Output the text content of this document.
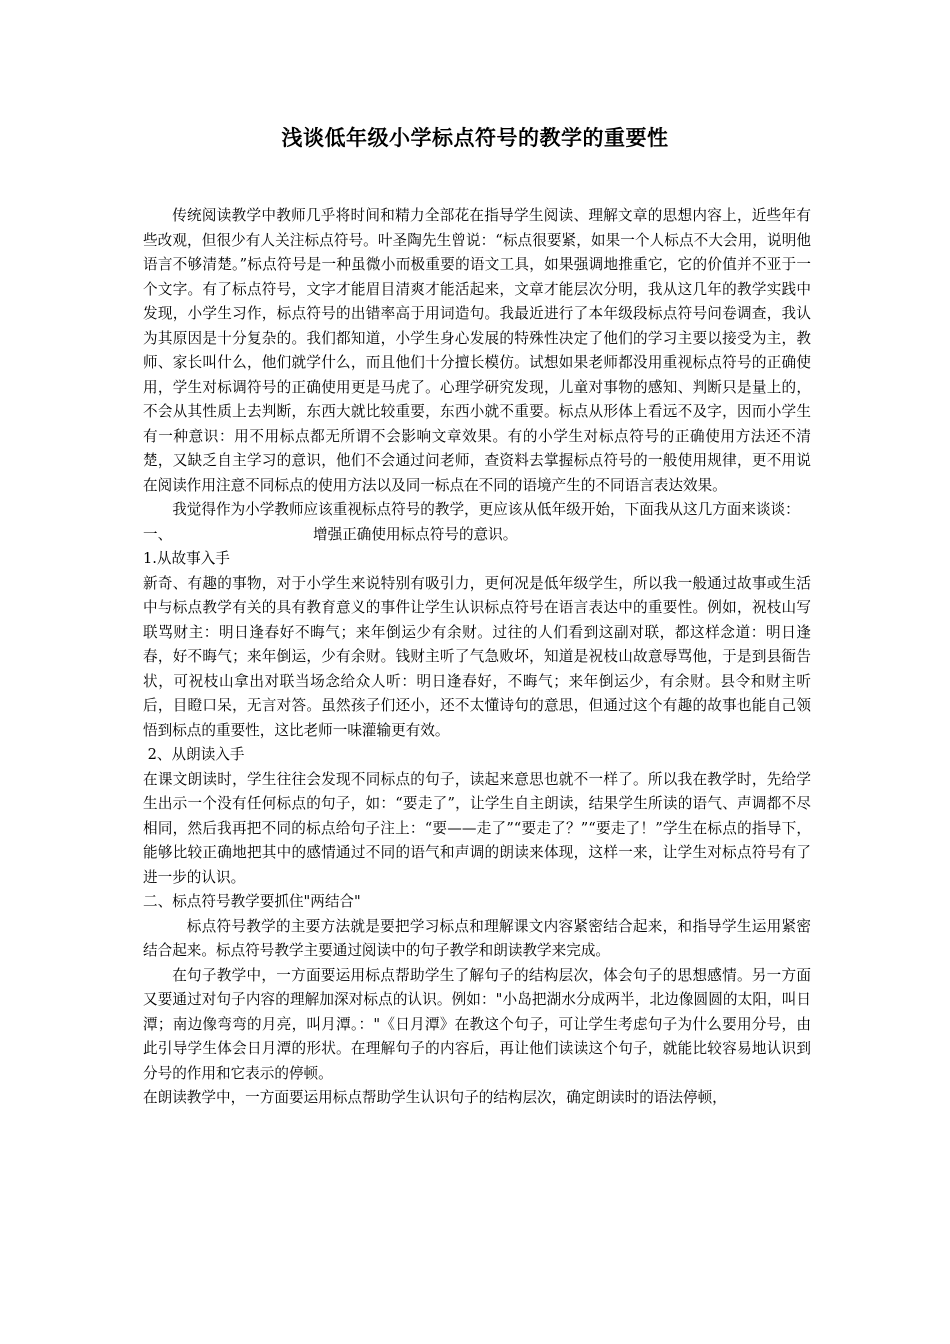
浅谈低年级小学标点符号的教学的重要性

传统阅读教学中教师几乎将时间和精力全部花在指导学生阅读、理解文章的思想内容上，近些年有些改观，但很少有人关注标点符号。叶圣陶先生曾说：“标点很要紧，如果一个人标点不大会用，说明他语言不够清楚。”标点符号是一种虽微小而极重要的语文工具，如果强调地推重它，它的价值并不亚于一个文字。有了标点符号，文字才能眉目清爽才能活起来，文章才能层次分明，我从这几年的教学实践中发现，小学生习作，标点符号的出错率高于用词造句。我最近进行了本年级段标点符号问卷调查，我认为其原因是十分复杂的。我们都知道，小学生身心发展的特殊性决定了他们的学习主要以接受为主，教师、家长叫什么，他们就学什么，而且他们十分擅长模仿。试想如果老师都没用重视标点符号的正确使用，学生对标调符号的正确使用更是马虎了。心理学研究发现，儿童对事物的感知、判断只是量上的，不会从其性质上去判断，东西大就比较重要，东西小就不重要。标点从形体上看远不及字，因而小学生有一种意识：用不用标点都无所谓不会影响文章效果。有的小学生对标点符号的正确使用方法还不清楚，又缺乏自主学习的意识，他们不会通过问老师，查资料去掌握标点符号的一般使用规律，更不用说在阅读作用注意不同标点的使用方法以及同一标点在不同的语境产生的不同语言表达效果。

我觉得作为小学教师应该重视标点符号的教学，更应该从低年级开始，下面我从这几方面来谈谈：

一、	增强正确使用标点符号的意识。

1.从故事入手

新奇、有趣的事物，对于小学生来说特别有吸引力，更何况是低年级学生，所以我一般通过故事或生活中与标点教学有关的具有教育意义的事件让学生认识标点符号在语言表达中的重要性。例如，祝枝山写联骂财主：明日逢春好不晦气；来年倒运少有余财。过往的人们看到这副对联，都这样念道：明日逢春，好不晦气；来年倒运，少有余财。钱财主听了气急败坏，知道是祝枝山故意辱骂他，于是到县衙告状，可祝枝山拿出对联当场念给众人听：明日逢春好，不晦气；来年倒运少，有余财。县令和财主听后，目瞪口呆，无言对答。虽然孩子们还小，还不太懂诗句的意思，但通过这个有趣的故事也能自己领悟到标点的重要性，这比老师一味灌输更有效。

2、从朗读入手

在课文朗读时，学生往往会发现不同标点的句子，读起来意思也就不一样了。所以我在教学时，先给学生出示一个没有任何标点的句子，如：“要走了”，让学生自主朗读，结果学生所读的语气、声调都不尽相同，然后我再把不同的标点给句子注上：“要——走了”“要走了？”“要走了！”学生在标点的指导下，能够比较正确地把其中的感情通过不同的语气和声调的朗读来体现，这样一来，让学生对标点符号有了进一步的认识。

二、标点符号教学要抓住"两结合"

标点符号教学的主要方法就是要把学习标点和理解课文内容紧密结合起来，和指导学生运用紧密结合起来。标点符号教学主要通过阅读中的句子教学和朗读教学来完成。

在句子教学中，一方面要运用标点帮助学生了解句子的结构层次，体会句子的思想感情。另一方面又要通过对句子内容的理解加深对标点的认识。例如："小岛把湖水分成两半，北边像圆圆的太阳，叫日潭；南边像弯弯的月亮，叫月潭。："《日月潭》在教这个句子，可让学生考虑句子为什么要用分号，由此引导学生体会日月潭的形状。在理解句子的内容后，再让他们读读这个句子，就能比较容易地认识到分号的作用和它表示的停顿。

在朗读教学中，一方面要运用标点帮助学生认识句子的结构层次，确定朗读时的语法停顿，
